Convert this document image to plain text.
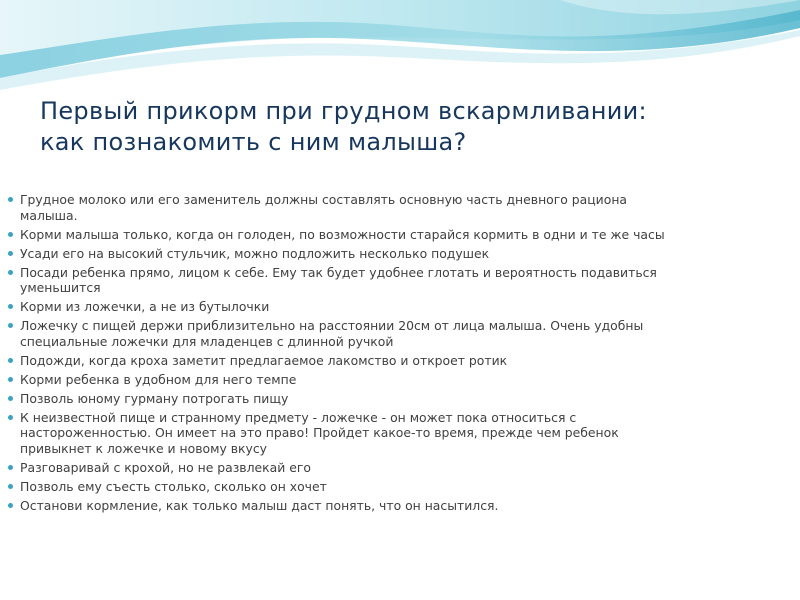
Первый прикорм при грудном вскармливании:
как познакомить с ним малыша?
Грудное молоко или его заменитель должны составлять основную часть дневного рациона
малыша.
Корми малыша только, когда он голоден, по возможности старайся кормить в одни и те же часы
Усади его на высокий стульчик, можно подложить несколько подушек
Посади ребенка прямо, лицом к себе. Ему так будет удобнее глотать и вероятность подавиться
уменьшится
Корми из ложечки, а не из бутылочки
Ложечку с пищей держи приблизительно на расстоянии 20см от лица малыша. Очень удобны
специальные ложечки для младенцев с длинной ручкой
Подожди, когда кроха заметит предлагаемое лакомство и откроет ротик
Корми ребенка в удобном для него темпе
Позволь юному гурману потрогать пищу
К неизвестной пище и странному предмету - ложечке - он может пока относиться с
настороженностью. Он имеет на это право! Пройдет какое-то время, прежде чем ребенок
привыкнет к ложечке и новому вкусу
Разговаривай с крохой, но не развлекай его
Позволь ему съесть столько, сколько он хочет
Останови кормление, как только малыш даст понять, что он насытился.
